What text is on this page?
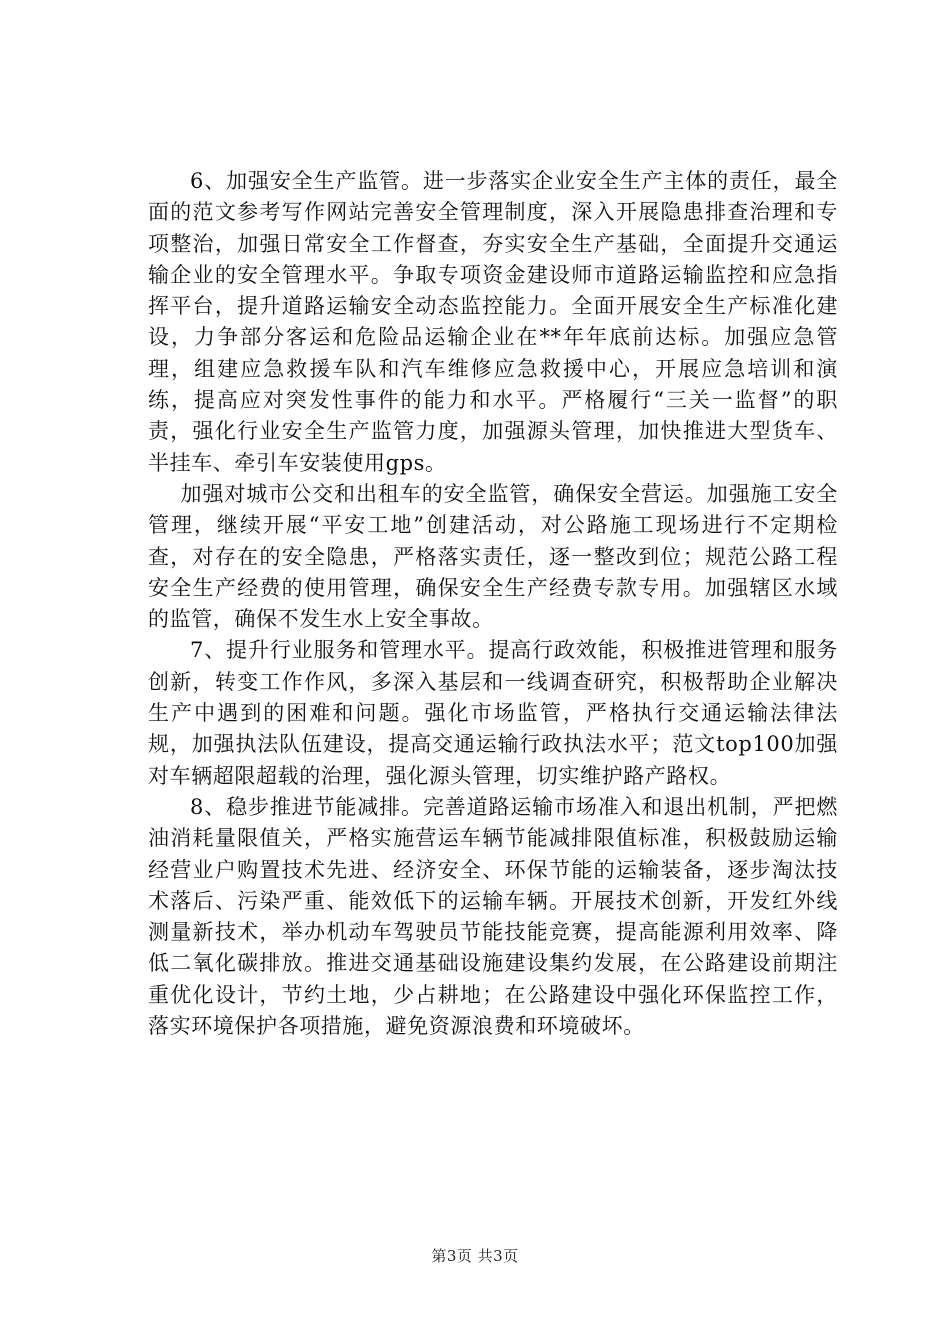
6、加强安全生产监管。进一步落实企业安全生产主体的责任，最全面的范文参考写作网站完善安全管理制度，深入开展隐患排查治理和专项整治，加强日常安全工作督查，夯实安全生产基础，全面提升交通运输企业的安全管理水平。争取专项资金建设师市道路运输监控和应急指挥平台，提升道路运输安全动态监控能力。全面开展安全生产标准化建设，力争部分客运和危险品运输企业在**年年底前达标。加强应急管理，组建应急救援车队和汽车维修应急救援中心，开展应急培训和演练，提高应对突发性事件的能力和水平。严格履行“三关一监督”的职责，强化行业安全生产监管力度，加强源头管理，加快推进大型货车、半挂车、牵引车安装使用gps。

加强对城市公交和出租车的安全监管，确保安全营运。加强施工安全管理，继续开展“平安工地”创建活动，对公路施工现场进行不定期检查，对存在的安全隐患，严格落实责任，逐一整改到位；规范公路工程安全生产经费的使用管理，确保安全生产经费专款专用。加强辖区水域的监管，确保不发生水上安全事故。

7、提升行业服务和管理水平。提高行政效能，积极推进管理和服务创新，转变工作作风，多深入基层和一线调查研究，积极帮助企业解决生产中遇到的困难和问题。强化市场监管，严格执行交通运输法律法规，加强执法队伍建设，提高交通运输行政执法水平；范文top100加强对车辆超限超载的治理，强化源头管理，切实维护路产路权。

8、稳步推进节能减排。完善道路运输市场准入和退出机制，严把燃油消耗量限值关，严格实施营运车辆节能减排限值标准，积极鼓励运输经营业户购置技术先进、经济安全、环保节能的运输装备，逐步淘汰技术落后、污染严重、能效低下的运输车辆。开展技术创新，开发红外线测量新技术，举办机动车驾驶员节能技能竞赛，提高能源利用效率、降低二氧化碳排放。推进交通基础设施建设集约发展，在公路建设前期注重优化设计，节约土地，少占耕地；在公路建设中强化环保监控工作，落实环境保护各项措施，避免资源浪费和环境破坏。

第3页 共3页
